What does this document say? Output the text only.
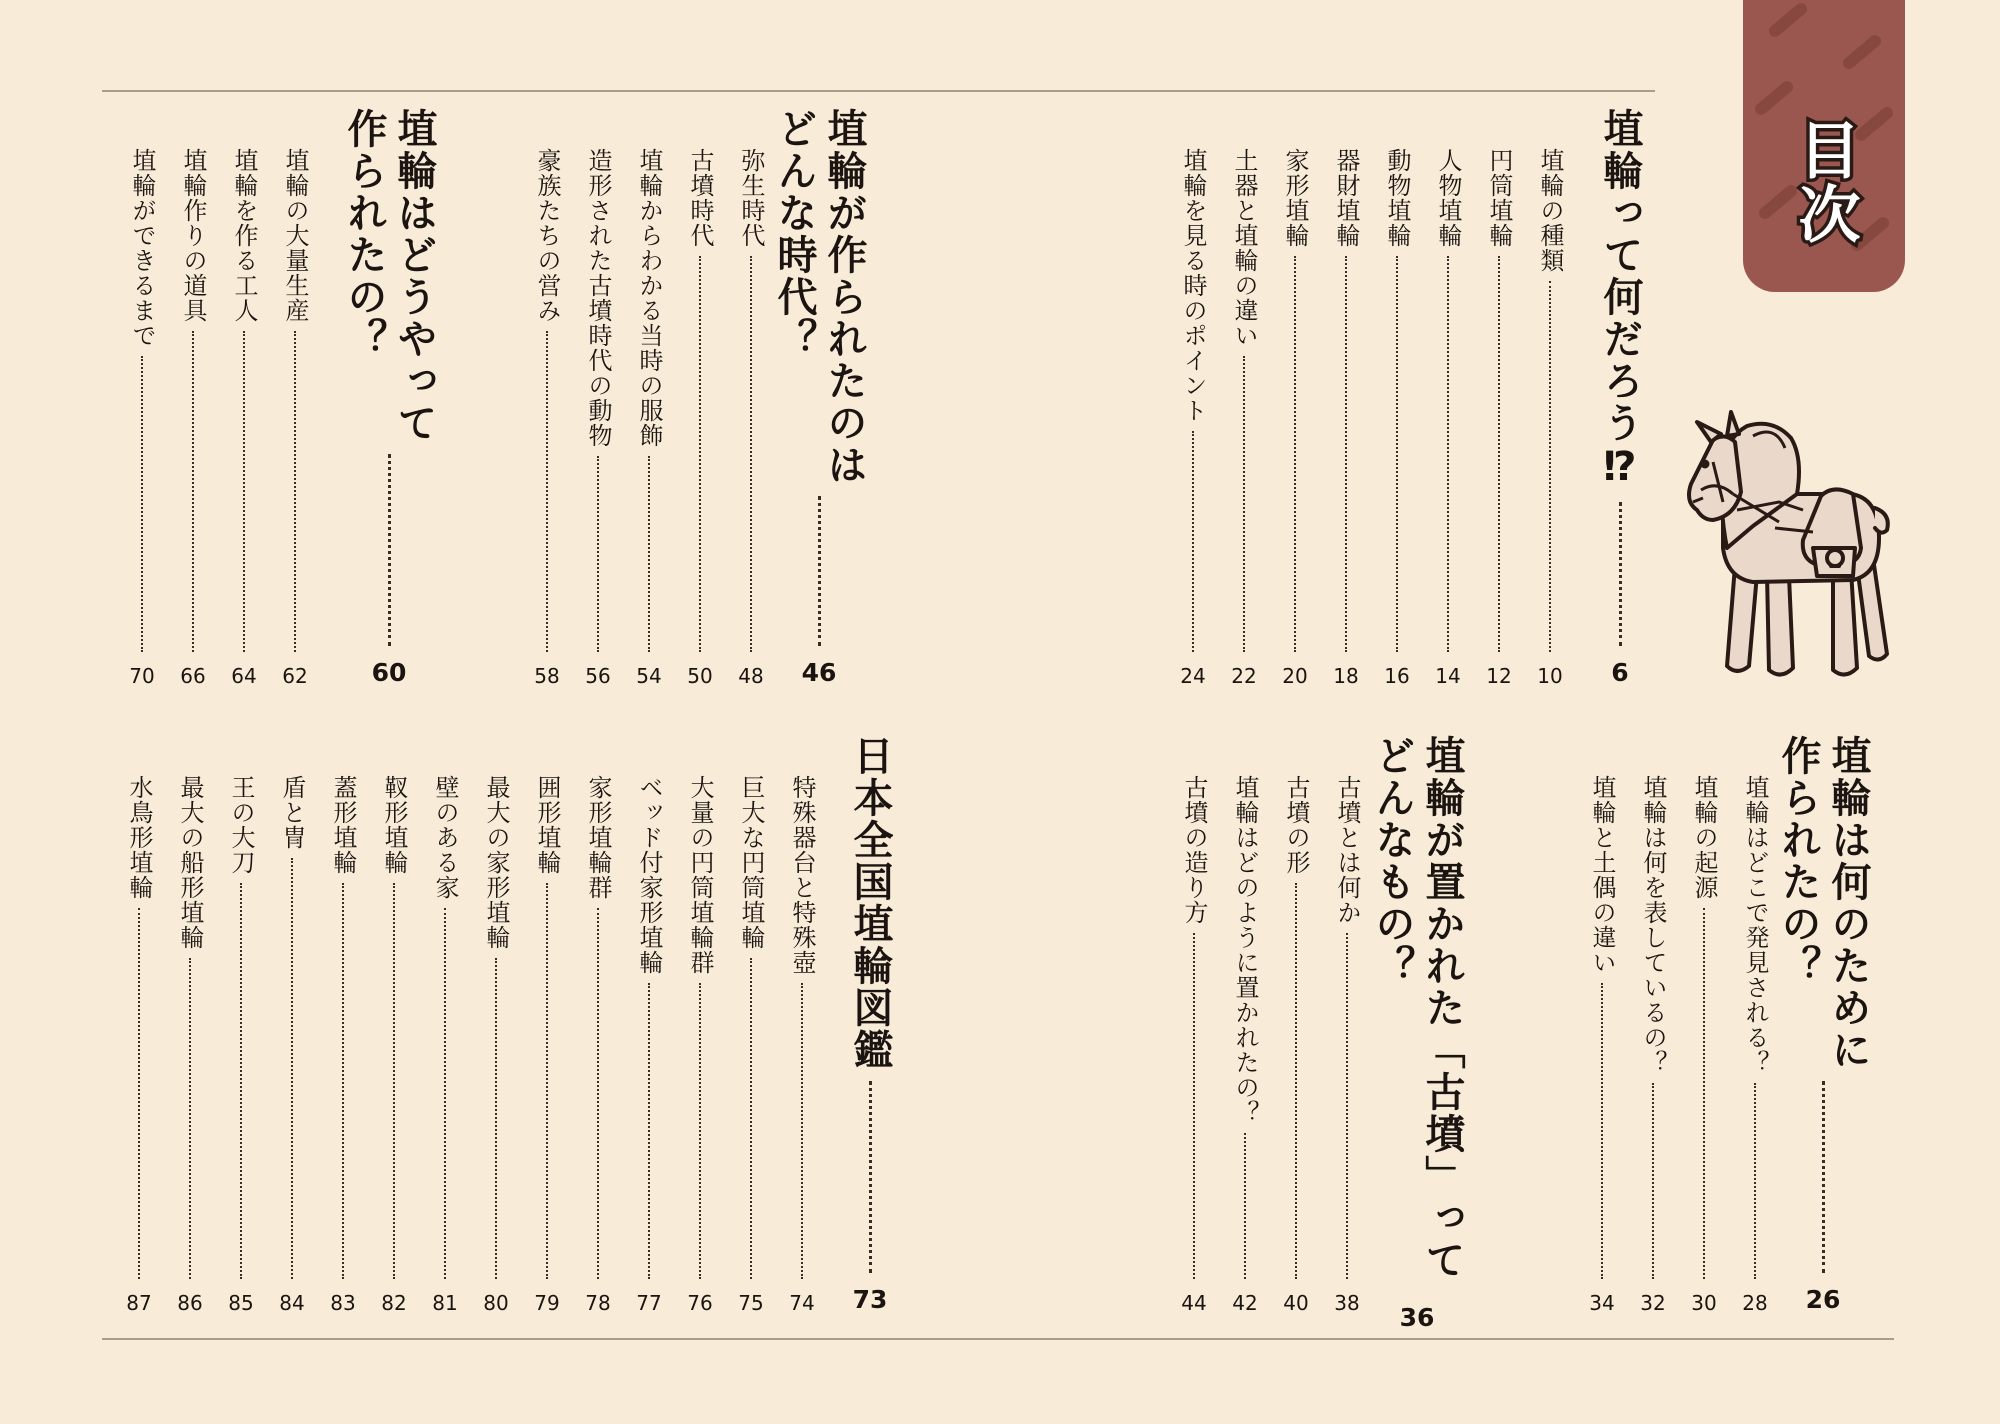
目次
埴輪って何だろう⁉
6
埴輪の種類
10
円筒埴輪
12
人物埴輪
14
動物埴輪
16
器財埴輪
18
家形埴輪
20
土器と埴輪の違い
22
埴輪を見る時のポイント
24
埴輪が作られたのは
どんな時代？
46
弥生時代
48
古墳時代
50
埴輪からわかる当時の服飾
54
造形された古墳時代の動物
56
豪族たちの営み
58
埴輪はどうやって
作られたの？
60
埴輪の大量生産
62
埴輪を作る工人
64
埴輪作りの道具
66
埴輪ができるまで
70
埴輪は何のために
作られたの？
26
埴輪はどこで発見される？
28
埴輪の起源
30
埴輪は何を表しているの？
32
埴輪と土偶の違い
34
埴輪が置かれた「古墳」って
どんなもの？
36
古墳とは何か
38
古墳の形
40
埴輪はどのように置かれたの？
42
古墳の造り方
44
日本全国埴輪図鑑
73
特殊器台と特殊壺
74
巨大な円筒埴輪
75
大量の円筒埴輪群
76
ベッド付家形埴輪
77
家形埴輪群
78
囲形埴輪
79
最大の家形埴輪
80
壁のある家
81
靫形埴輪
82
蓋形埴輪
83
盾と冑
84
王の大刀
85
最大の船形埴輪
86
水鳥形埴輪
87
